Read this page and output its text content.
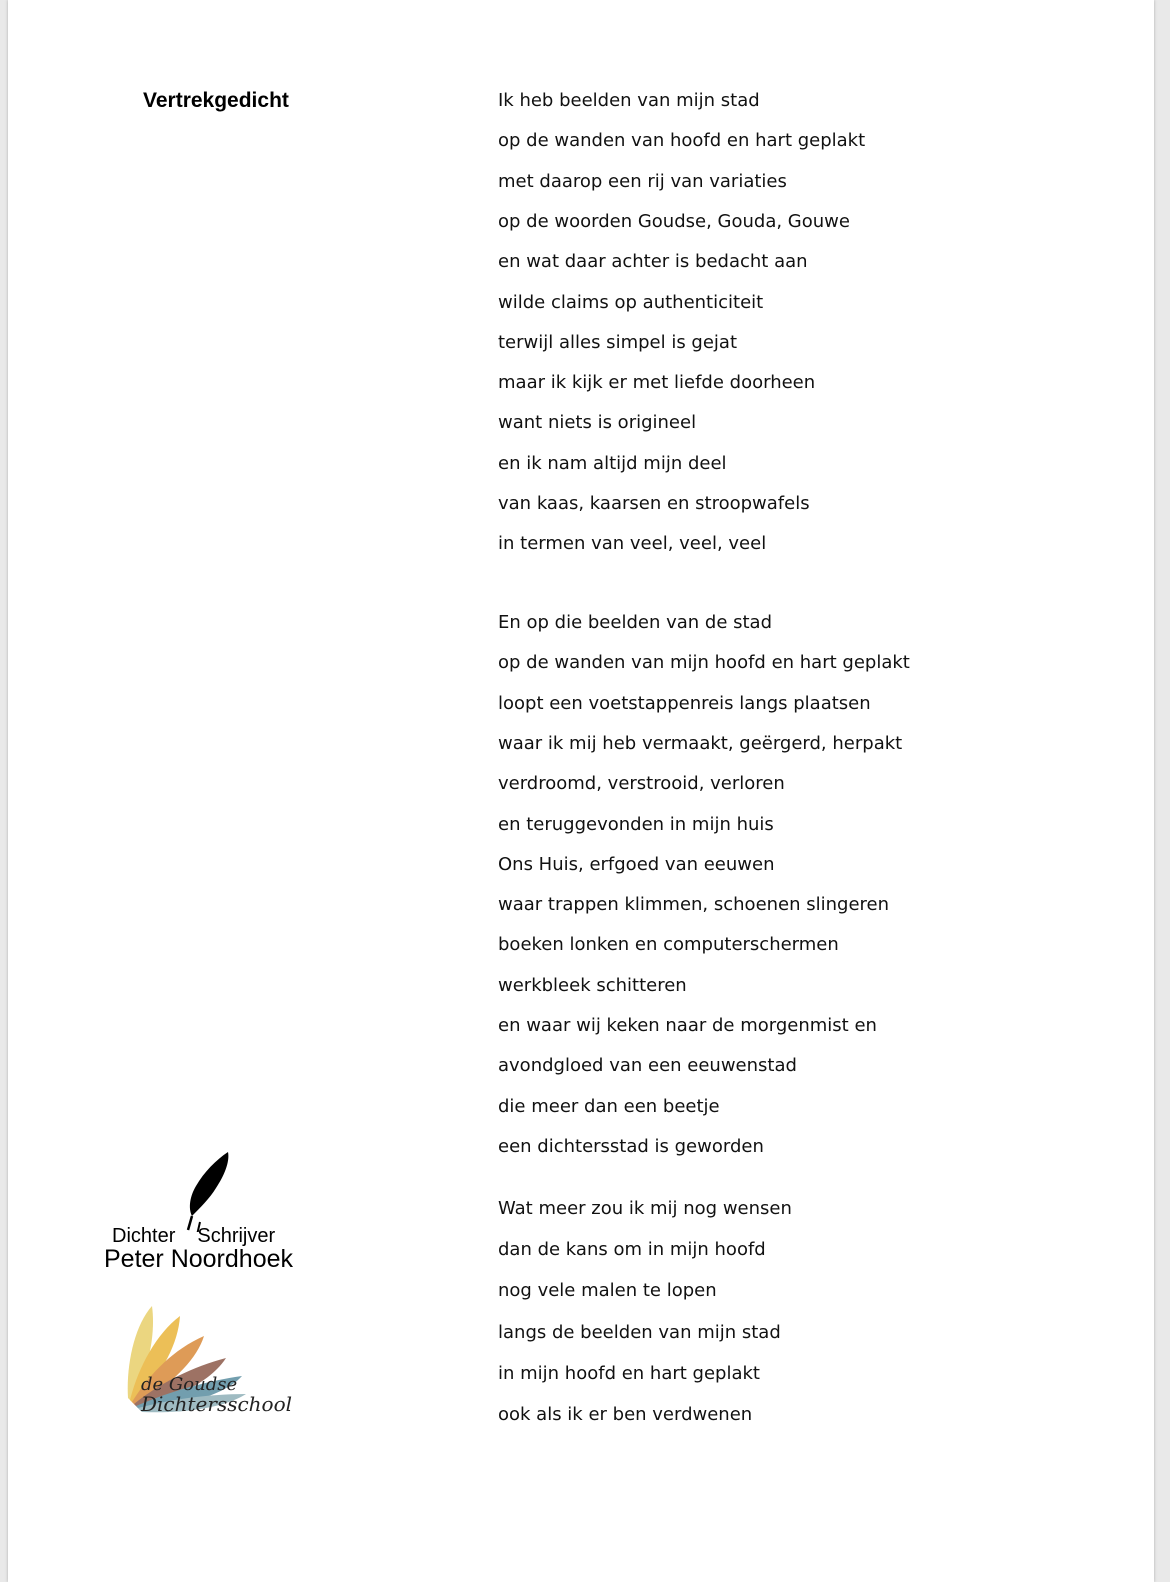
Vertrekgedicht	Ik heb beelden van mijn stad
op de wanden van hoofd en hart geplakt
met daarop een rij van variaties
op de woorden Goudse, Gouda, Gouwe
en wat daar achter is bedacht aan
wilde claims op authenticiteit
terwijl alles simpel is gejat
maar ik kijk er met liefde doorheen
want niets is origineel
en ik nam altijd mijn deel
van kaas, kaarsen en stroopwafels
in termen van veel, veel, veel
En op die beelden van de stad
op de wanden van mijn hoofd en hart geplakt
loopt een voetstappenreis langs plaatsen
waar ik mij heb vermaakt, geërgerd, herpakt
verdroomd, verstrooid, verloren
en teruggevonden in mijn huis
Ons Huis, erfgoed van eeuwen
waar trappen klimmen, schoenen slingeren
boeken lonken en computerschermen
werkbleek schitteren
en waar wij keken naar de morgenmist en
avondgloed van een eeuwenstad
die meer dan een beetje
een dichtersstad is geworden
Wat meer zou ik mij nog wensen
dan de kans om in mijn hoofd
nog vele malen te lopen
langs de beelden van mijn stad
in mijn hoofd en hart geplakt
ook als ik er ben verdwenen
Dichter Schrijver
Peter Noordhoek
de Goudse
Dichtersschool
